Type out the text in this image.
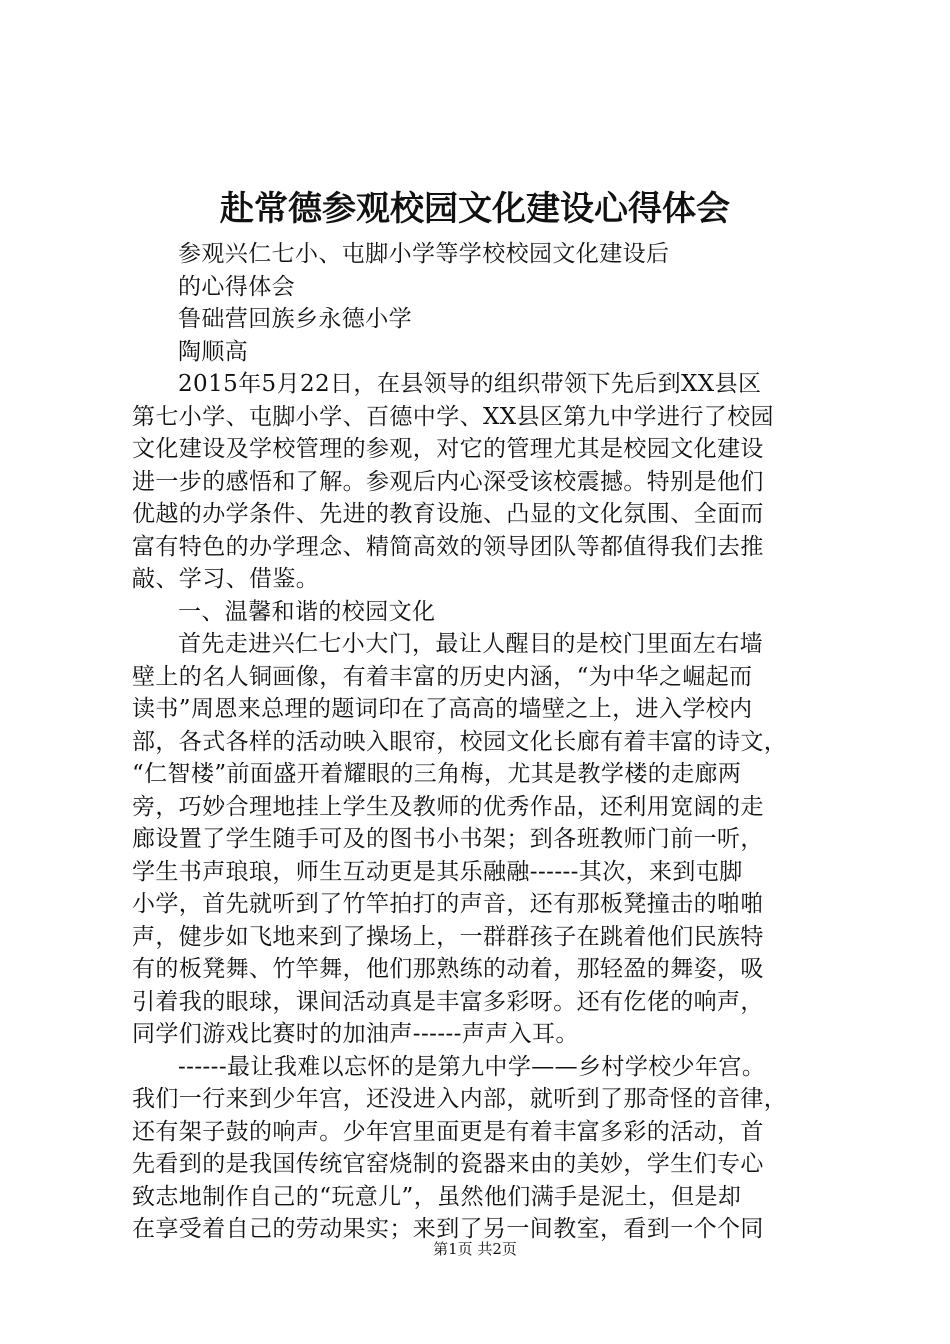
赴常德参观校园文化建设心得体会
参观兴仁七小、屯脚小学等学校校园文化建设后
的心得体会
鲁础营回族乡永德小学
陶顺高
2015年5月22日，在县领导的组织带领下先后到XX县区
第七小学、屯脚小学、百德中学、XX县区第九中学进行了校园
文化建设及学校管理的参观，对它的管理尤其是校园文化建设
进一步的感悟和了解。参观后内心深受该校震撼。特别是他们
优越的办学条件、先进的教育设施、凸显的文化氛围、全面而
富有特色的办学理念、精简高效的领导团队等都值得我们去推
敲、学习、借鉴。
一、温馨和谐的校园文化
首先走进兴仁七小大门，最让人醒目的是校门里面左右墙
壁上的名人铜画像，有着丰富的历史内涵，“为中华之崛起而
读书”周恩来总理的题词印在了高高的墙壁之上，进入学校内
部，各式各样的活动映入眼帘，校园文化长廊有着丰富的诗文，
“仁智楼”前面盛开着耀眼的三角梅，尤其是教学楼的走廊两
旁，巧妙合理地挂上学生及教师的优秀作品，还利用宽阔的走
廊设置了学生随手可及的图书小书架；到各班教师门前一听，
学生书声琅琅，师生互动更是其乐融融------其次，来到屯脚
小学，首先就听到了竹竿拍打的声音，还有那板凳撞击的啪啪
声，健步如飞地来到了操场上，一群群孩子在跳着他们民族特
有的板凳舞、竹竿舞，他们那熟练的动着，那轻盈的舞姿，吸
引着我的眼球，课间活动真是丰富多彩呀。还有仡佬的响声，
同学们游戏比赛时的加油声------声声入耳。
------最让我难以忘怀的是第九中学——乡村学校少年宫。
我们一行来到少年宫，还没进入内部，就听到了那奇怪的音律，
还有架子鼓的响声。少年宫里面更是有着丰富多彩的活动，首
先看到的是我国传统官窑烧制的瓷器来由的美妙，学生们专心
致志地制作自己的“玩意儿”，虽然他们满手是泥土，但是却
在享受着自己的劳动果实；来到了另一间教室，看到一个个同
第1页 共2页
